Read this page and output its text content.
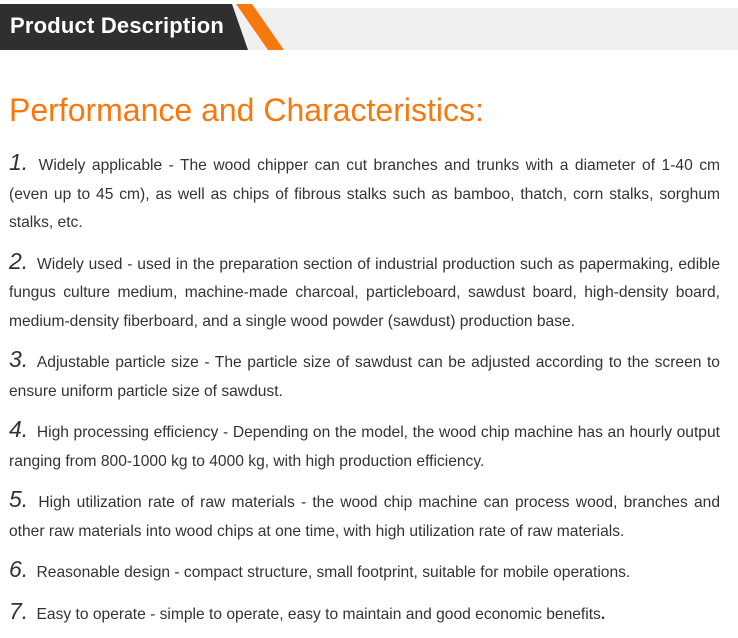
Product Description
Performance and Characteristics:
1. Widely applicable - The wood chipper can cut branches and trunks with a diameter of 1-40 cm (even up to 45 cm), as well as chips of fibrous stalks such as bamboo, thatch, corn stalks, sorghum stalks, etc.
2. Widely used - used in the preparation section of industrial production such as papermaking, edible fungus culture medium, machine-made charcoal, particleboard, sawdust board, high-density board, medium-density fiberboard, and a single wood powder (sawdust) production base.
3. Adjustable particle size - The particle size of sawdust can be adjusted according to the screen to ensure uniform particle size of sawdust.
4. High processing efficiency - Depending on the model, the wood chip machine has an hourly output ranging from 800-1000 kg to 4000 kg, with high production efficiency.
5. High utilization rate of raw materials - the wood chip machine can process wood, branches and other raw materials into wood chips at one time, with high utilization rate of raw materials.
6. Reasonable design - compact structure, small footprint, suitable for mobile operations.
7. Easy to operate - simple to operate, easy to maintain and good economic benefits.
